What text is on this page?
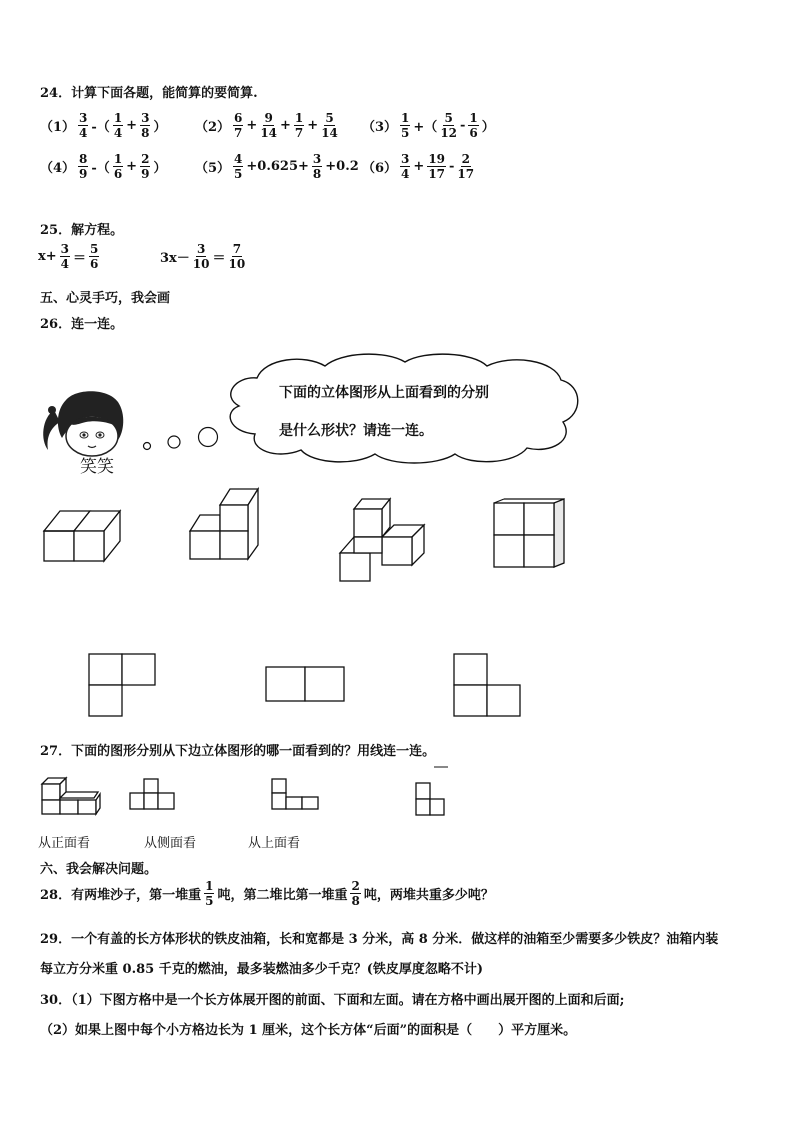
24．计算下面各题，能简算的要简算.
$(1) \frac{3}{4}$ -（ $\frac{1}{4} + \frac{3}{8}$ ） $(2) \frac{6}{7} + \frac{9}{14} + \frac{1}{7} + \frac{5}{14} (3) \frac{1}{5}$ +（ $\frac{5}{12} - \frac{1}{6}$ ）
$(4) \frac{8}{9}$ -（ $\frac{1}{6} + \frac{2}{9}$ ） $(5) \frac{4}{5} +0.625+ \frac{3}{8} +0.2$ $(6) \frac{3}{4} + \frac{19}{17} - \frac{2}{17}$
25．解方程。
$x+ \frac{3}{4} = \frac{5}{6}$	$3x- \frac{3}{10} = \frac{7}{10}$
五、心灵手巧，我会画
26．连一连。
笑笑
下面的立体图形从上面看到的分别
是什么形状？请连一连。
27．下面的图形分别从下边立体图形的哪一面看到的？用线连一连。
从正面看	从侧面看	从上面看
六、我会解决问题。
28．有两堆沙子，第一堆重 $\frac{1}{5}$ 吨，第二堆比第一堆重 $\frac{2}{8}$ 吨，两堆共重多少吨？
29．一个有盖的长方体形状的铁皮油箱，长和宽都是 3 分米，高 8 分米．做这样的油箱至少需要多少铁皮？油箱内装
每立方分米重 0.85 千克的燃油，最多装燃油多少千克？(铁皮厚度忽略不计)
30．（1）下图方格中是一个长方体展开图的前面、下面和左面。请在方格中画出展开图的上面和后面;
（2）如果上图中每个小方格边长为 1 厘米，这个长方体“后面”的面积是（　　）平方厘米。
